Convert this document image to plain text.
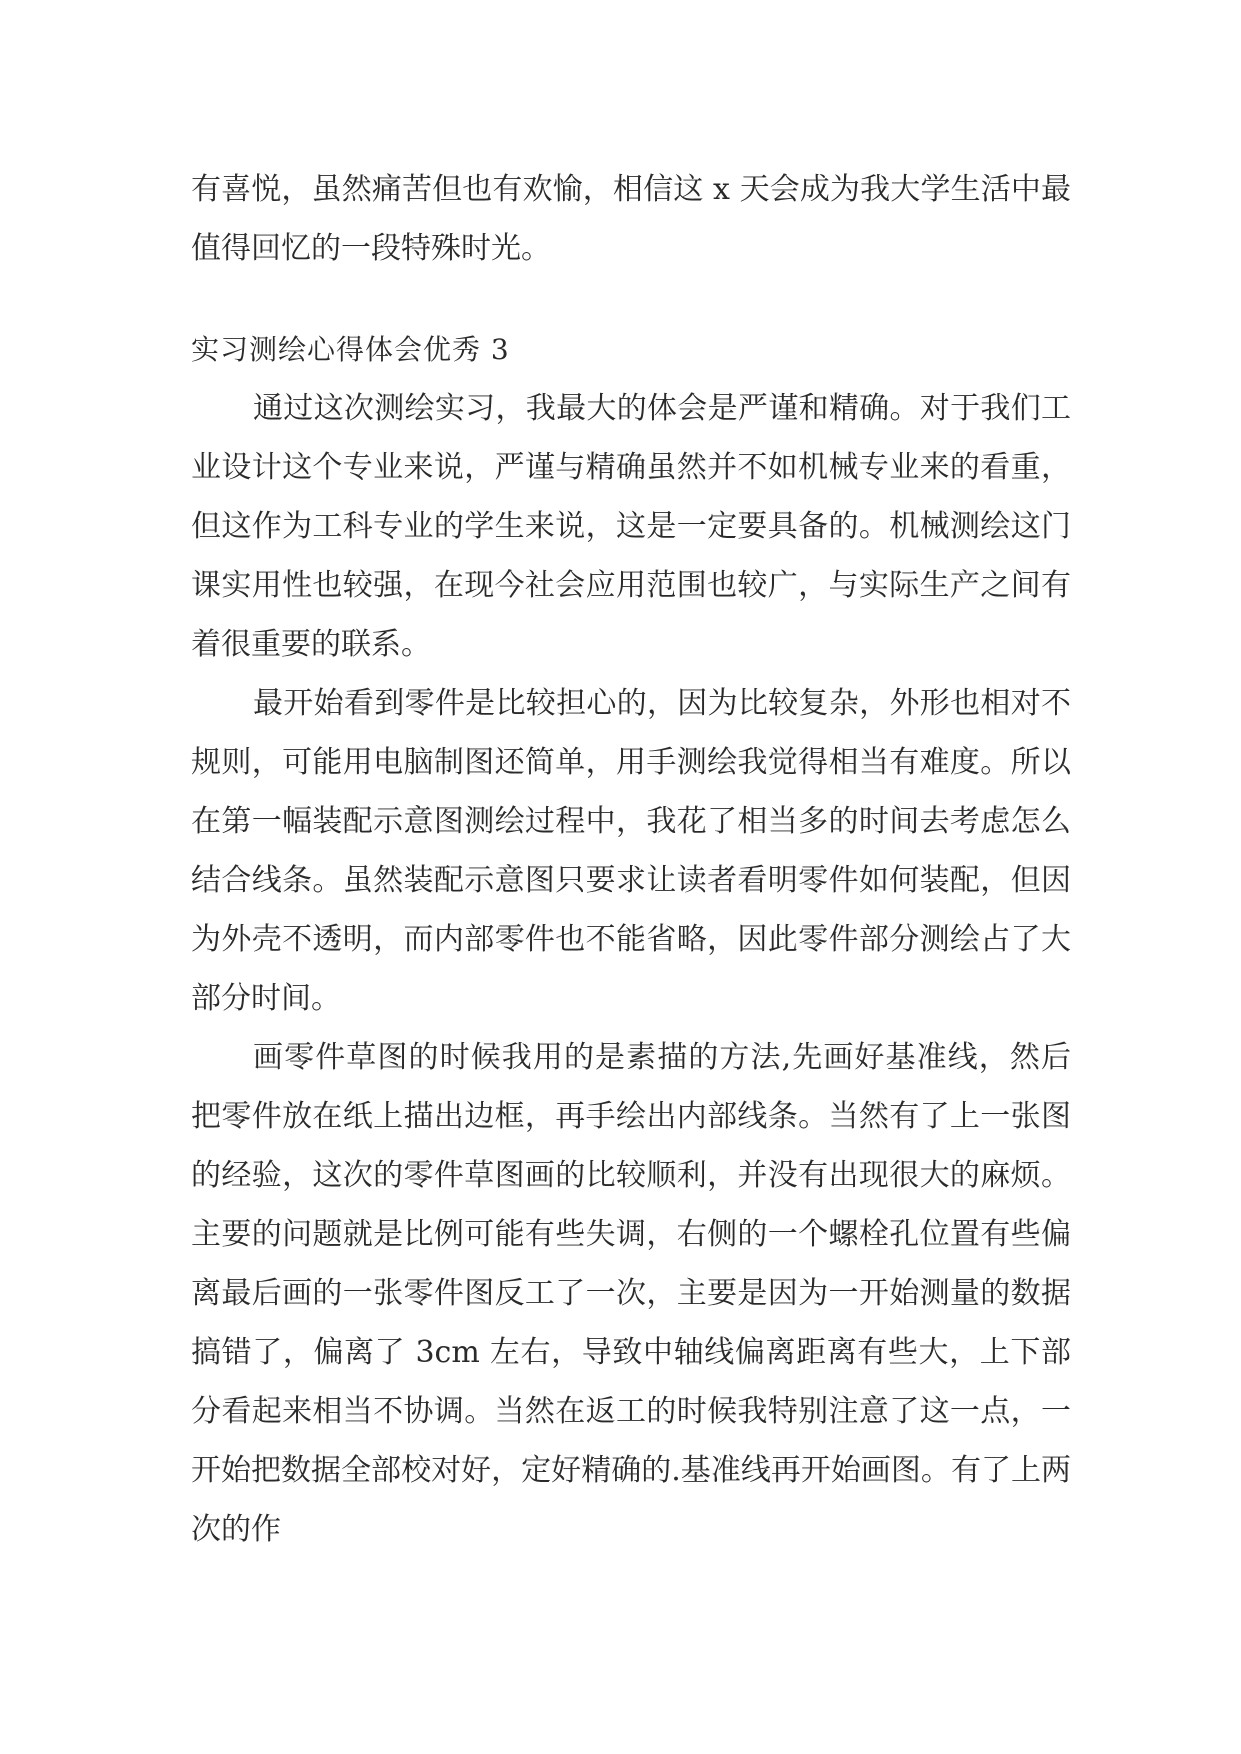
有喜悦，虽然痛苦但也有欢愉，相信这 x 天会成为我大学生活中最值得回忆的一段特殊时光。

实习测绘心得体会优秀 3

通过这次测绘实习，我最大的体会是严谨和精确。对于我们工业设计这个专业来说，严谨与精确虽然并不如机械专业来的看重，但这作为工科专业的学生来说，这是一定要具备的。机械测绘这门课实用性也较强，在现今社会应用范围也较广，与实际生产之间有着很重要的联系。

最开始看到零件是比较担心的，因为比较复杂，外形也相对不规则，可能用电脑制图还简单，用手测绘我觉得相当有难度。所以在第一幅装配示意图测绘过程中，我花了相当多的时间去考虑怎么结合线条。虽然装配示意图只要求让读者看明零件如何装配，但因为外壳不透明，而内部零件也不能省略，因此零件部分测绘占了大部分时间。

画零件草图的时候我用的是素描的方法,先画好基准线，然后把零件放在纸上描出边框，再手绘出内部线条。当然有了上一张图的经验，这次的零件草图画的比较顺利，并没有出现很大的麻烦。主要的问题就是比例可能有些失调，右侧的一个螺栓孔位置有些偏离最后画的一张零件图反工了一次，主要是因为一开始测量的数据搞错了，偏离了 3cm 左右，导致中轴线偏离距离有些大，上下部分看起来相当不协调。当然在返工的时候我特别注意了这一点，一开始把数据全部校对好，定好精确的.基准线再开始画图。有了上两次的作
